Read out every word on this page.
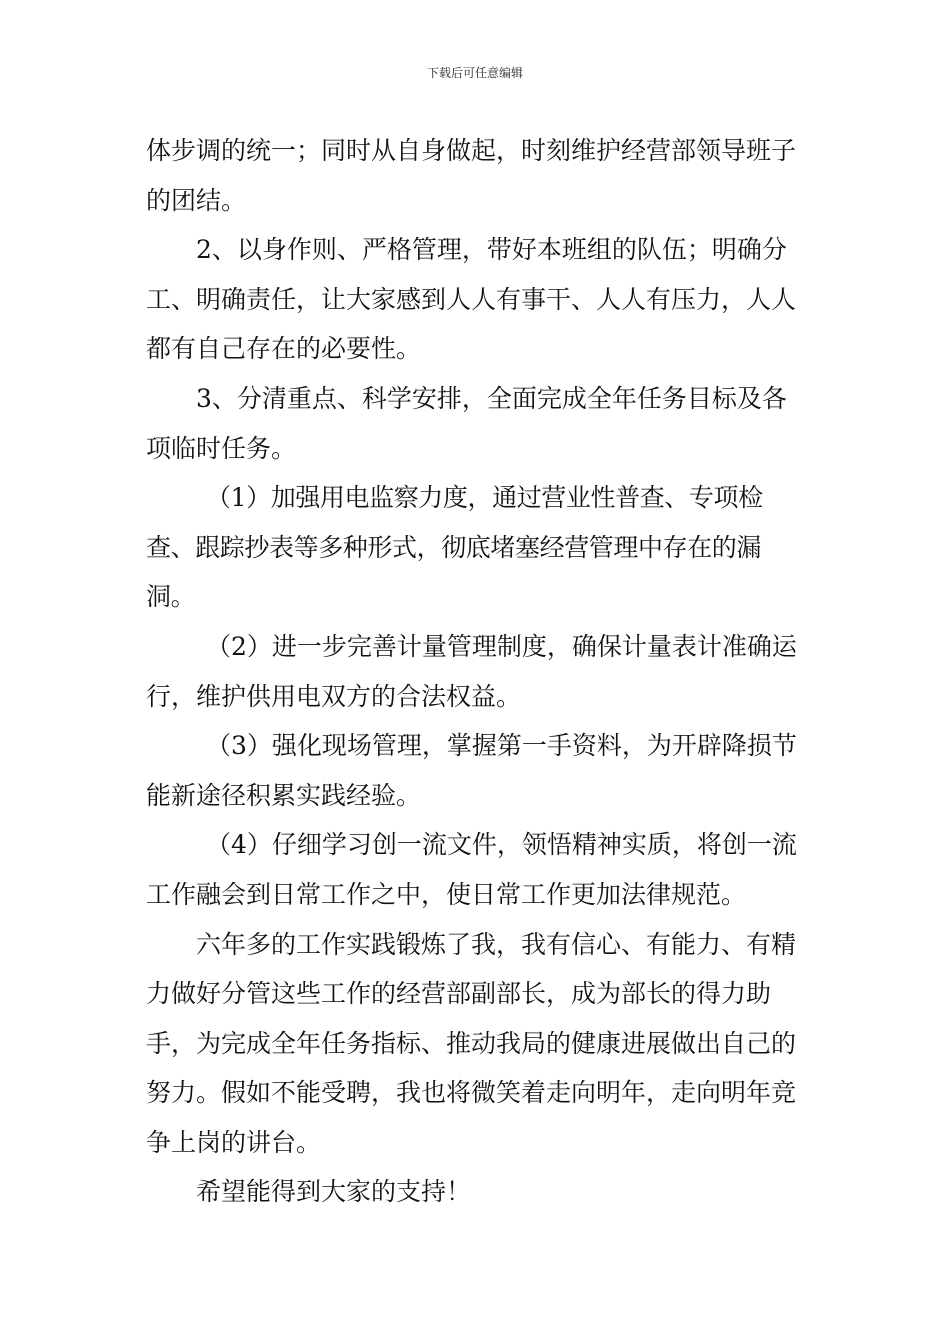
下载后可任意编辑

体步调的统一；同时从自身做起，时刻维护经营部领导班子的团结。

2、以身作则、严格管理，带好本班组的队伍；明确分工、明确责任，让大家感到人人有事干、人人有压力，人人都有自己存在的必要性。

3、分清重点、科学安排，全面完成全年任务目标及各项临时任务。

（1）加强用电监察力度，通过营业性普查、专项检查、跟踪抄表等多种形式，彻底堵塞经营管理中存在的漏洞。

（2）进一步完善计量管理制度，确保计量表计准确运行，维护供用电双方的合法权益。

（3）强化现场管理，掌握第一手资料，为开辟降损节能新途径积累实践经验。

（4）仔细学习创一流文件，领悟精神实质，将创一流工作融会到日常工作之中，使日常工作更加法律规范。

六年多的工作实践锻炼了我，我有信心、有能力、有精力做好分管这些工作的经营部副部长，成为部长的得力助手，为完成全年任务指标、推动我局的健康进展做出自己的努力。假如不能受聘，我也将微笑着走向明年，走向明年竞争上岗的讲台。

希望能得到大家的支持！
